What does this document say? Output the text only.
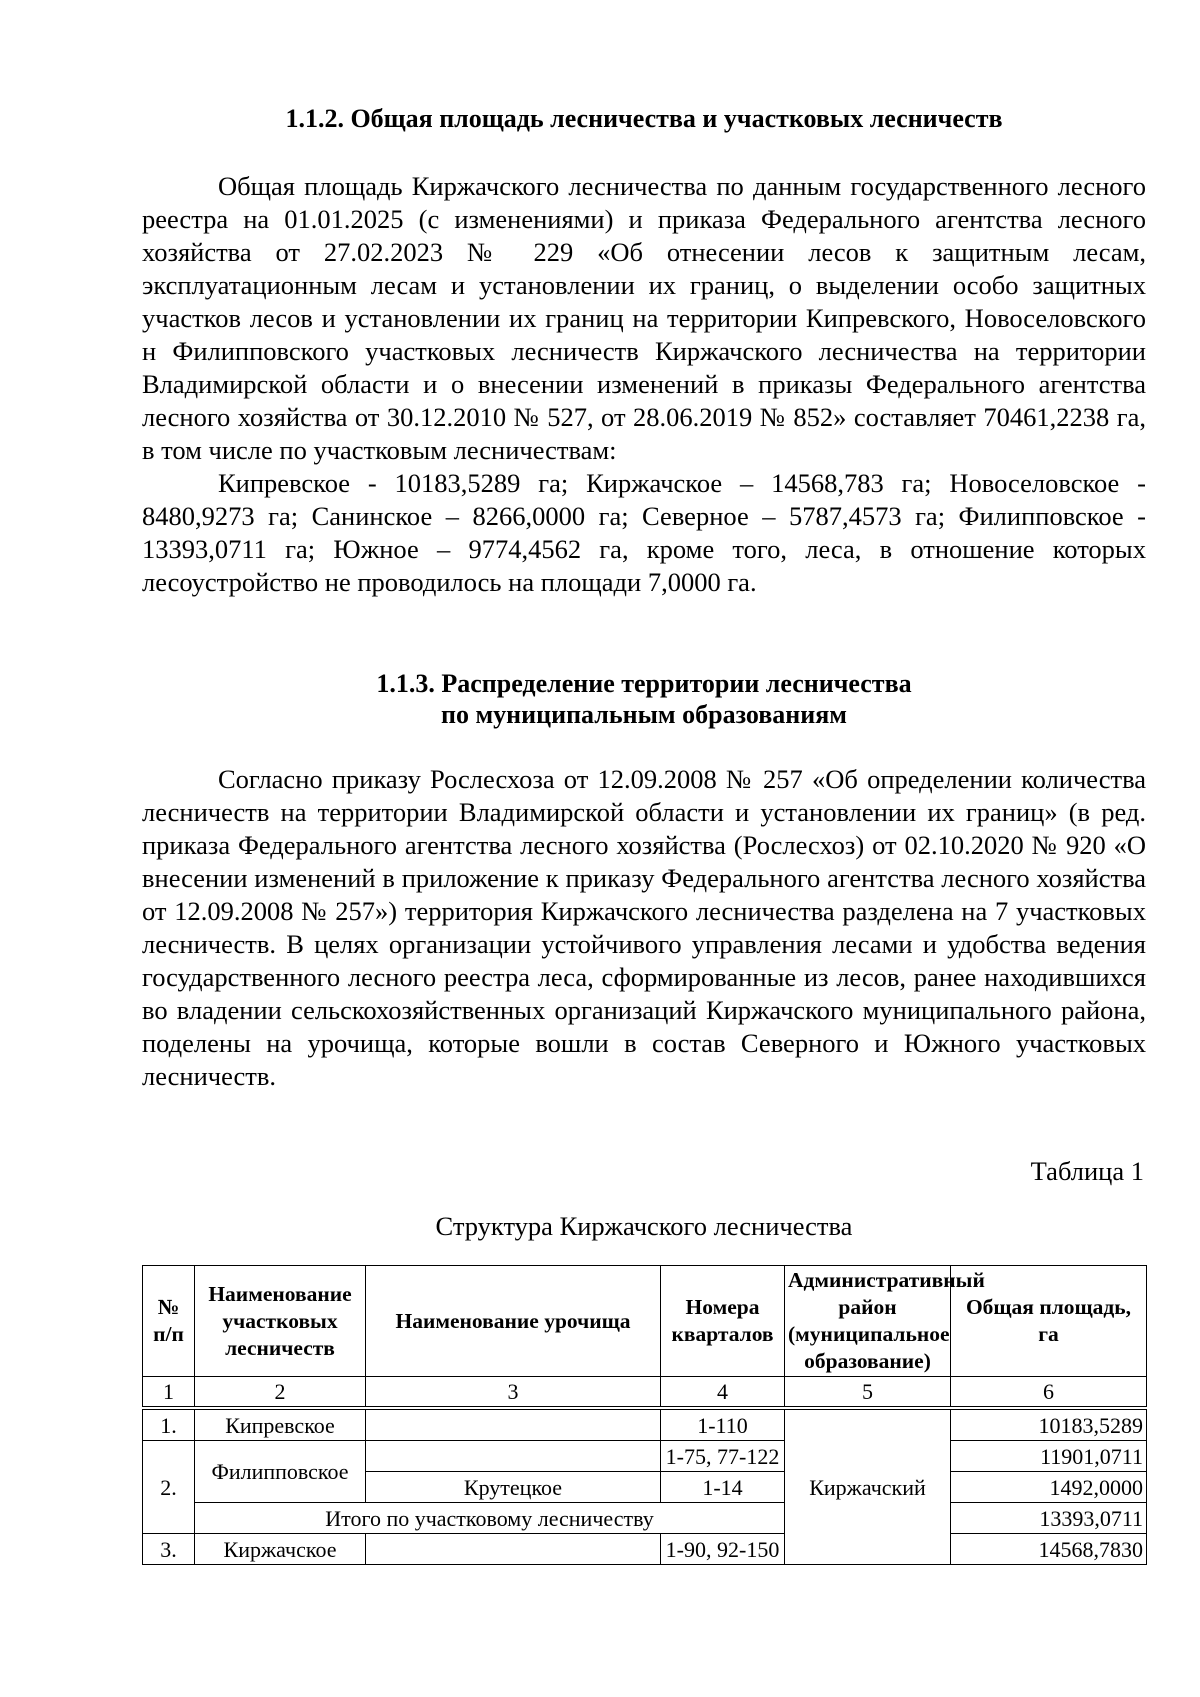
1.1.2. Общая площадь лесничества и участковых лесничеств

Общая площадь Киржачского лесничества по данным государственного лесного реестра на 01.01.2025 (с изменениями) и приказа Федерального агентства лесного хозяйства от 27.02.2023 № 229 «Об отнесении лесов к защитным лесам, эксплуатационным лесам и установлении их границ, о выделении особо защитных участков лесов и установлении их границ на территории Кипревского, Новоселовского н Филипповского участковых лесничеств Киржачского лесничества на территории Владимирской области и о внесении изменений в приказы Федерального агентства лесного хозяйства от 30.12.2010 № 527, от 28.06.2019 № 852» составляет 70461,2238 га, в том числе по участковым лесничествам:

Кипревское - 10183,5289 га; Киржачское – 14568,783 га; Новоселовское - 8480,9273 га; Санинское – 8266,0000 га; Северное – 5787,4573 га; Филипповское - 13393,0711 га; Южное – 9774,4562 га, кроме того, леса, в отношение которых лесоустройство не проводилось на площади 7,0000 га.

1.1.3. Распределение территории лесничества
по муниципальным образованиям

Согласно приказу Рослесхоза от 12.09.2008 № 257 «Об определении количества лесничеств на территории Владимирской области и установлении их границ» (в ред. приказа Федерального агентства лесного хозяйства (Рослесхоз) от 02.10.2020 № 920 «О внесении изменений в приложение к приказу Федерального агентства лесного хозяйства от 12.09.2008 № 257») территория Киржачского лесничества разделена на 7 участковых лесничеств. В целях организации устойчивого управления лесами и удобства ведения государственного лесного реестра леса, сформированные из лесов, ранее находившихся во владении сельскохозяйственных организаций Киржачского муниципального района, поделены на урочища, которые вошли в состав Северного и Южного участковых лесничеств.

Таблица 1
Структура Киржачского лесничества
№ п/п	Наименование участковых лесничеств	Наименование урочища	Номера кварталов	Административный район (муниципальное образование)	Общая площадь, га
1	2	3	4	5	6
1.	Кипревское		1-110	Киржачский	10183,5289
2.	Филипповское		1-75, 77-122		11901,0711
		Крутецкое	1-14		1492,0000
	Итого по участковому лесничеству				13393,0711
3.	Киржачское		1-90, 92-150		14568,7830
